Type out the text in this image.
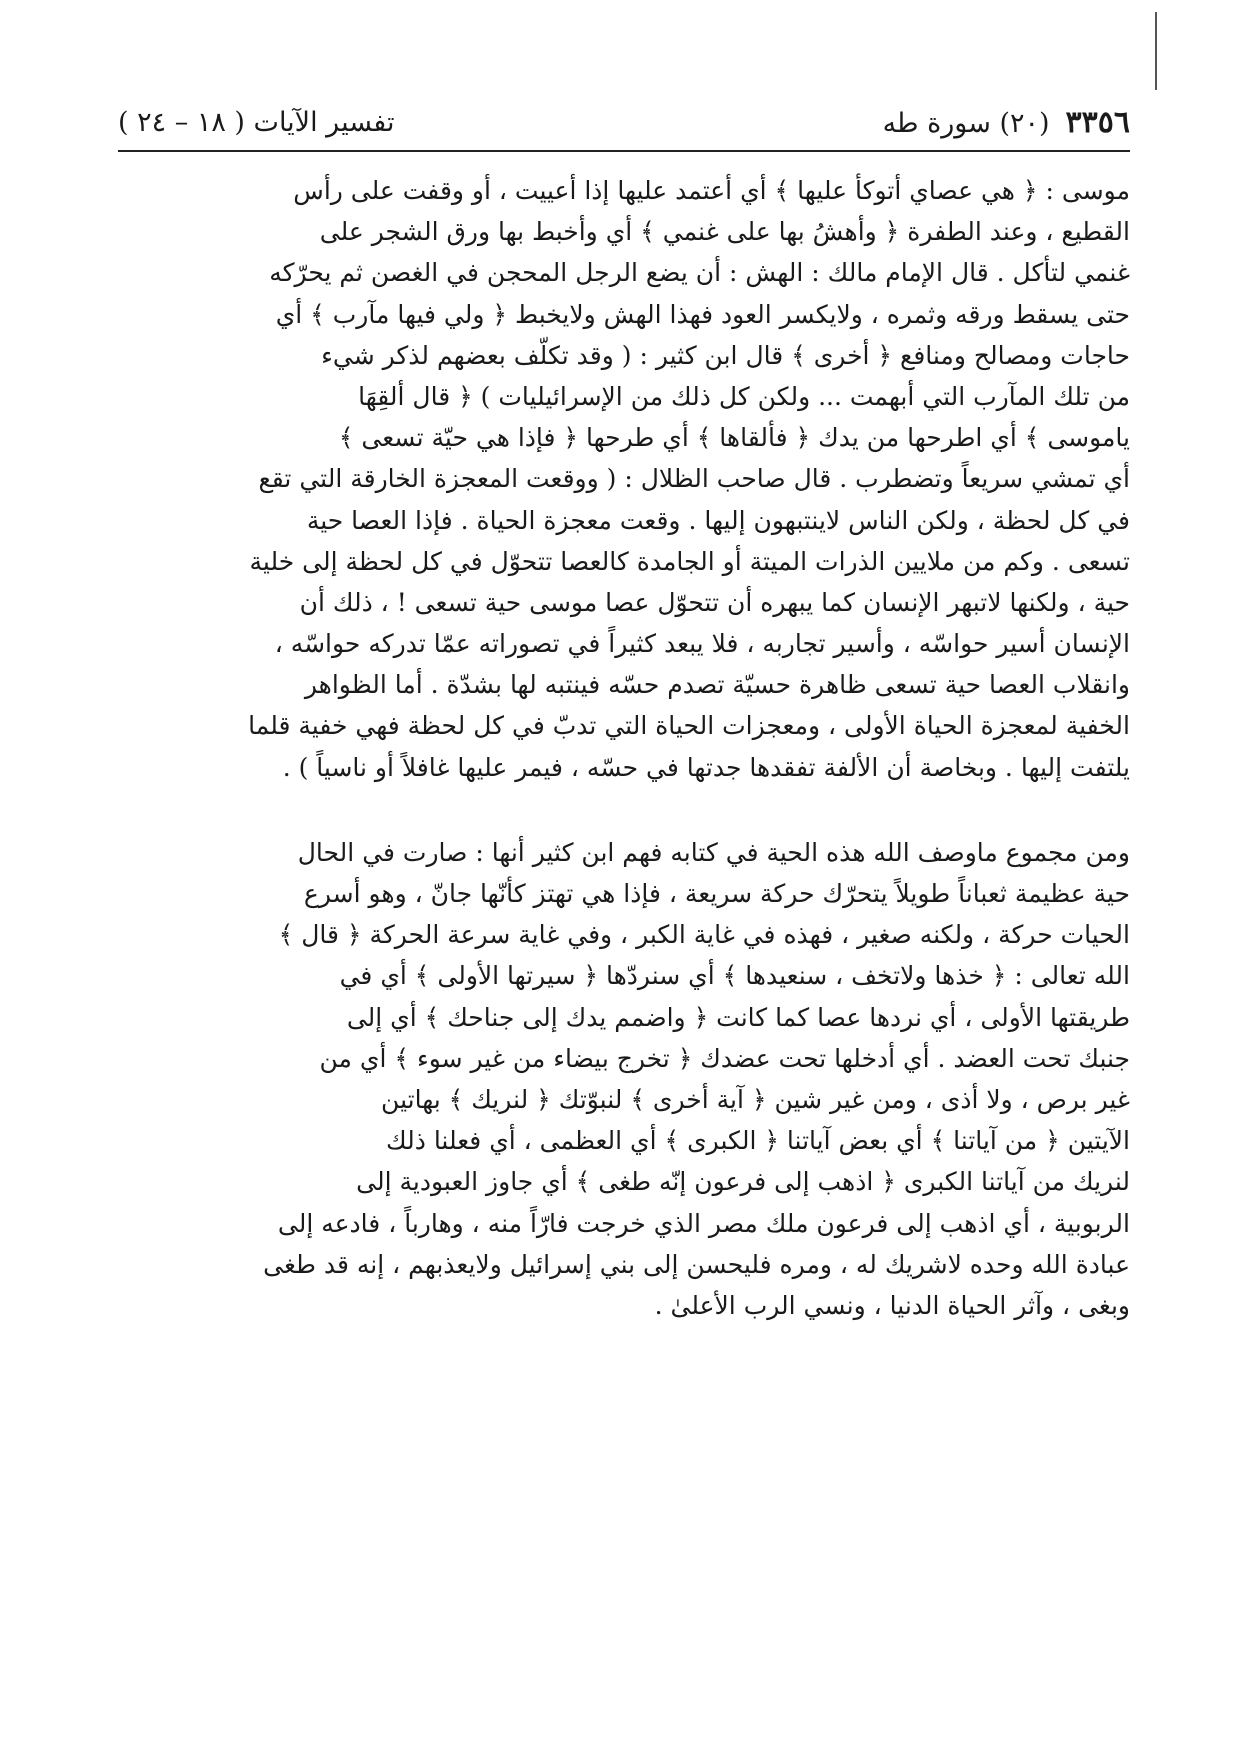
٣٣٥٦(٢٠) سورة طه
تفسير الآيات ( ١٨ – ٢٤ )
موسى : ﴿ هي عصاي أتوكأ عليها ﴾ أي أعتمد عليها إذا أعييت ، أو وقفت على رأس
القطيع ، وعند الطفرة ﴿ وأهشُ بها على غنمي ﴾ أي وأخبط بها ورق الشجر على
غنمي لتأكل . قال الإمام مالك : الهش : أن يضع الرجل المحجن في الغصن ثم يحرّكه
حتى يسقط ورقه وثمره ، ولايكسر العود فهذا الهش ولايخبط ﴿ ولي فيها مآرب ﴾ أي
حاجات ومصالح ومنافع ﴿ أخرى ﴾ قال ابن كثير : ( وقد تكلّف بعضهم لذكر شيء
من تلك المآرب التي أبهمت ... ولكن كل ذلك من الإسرائيليات ) ﴿ قال ألقِهَا
ياموسى ﴾ أي اطرحها من يدك ﴿ فألقاها ﴾ أي طرحها ﴿ فإذا هي حيّة تسعى ﴾
أي تمشي سريعاً وتضطرب . قال صاحب الظلال : ( ووقعت المعجزة الخارقة التي تقع
في كل لحظة ، ولكن الناس لاينتبهون إليها . وقعت معجزة الحياة . فإذا العصا حية
تسعى . وكم من ملايين الذرات الميتة أو الجامدة كالعصا تتحوّل في كل لحظة إلى خلية
حية ، ولكنها لاتبهر الإنسان كما يبهره أن تتحوّل عصا موسى حية تسعى ! ، ذلك أن
الإنسان أسير حواسّه ، وأسير تجاربه ، فلا يبعد كثيراً في تصوراته عمّا تدركه حواسّه ،
وانقلاب العصا حية تسعى ظاهرة حسيّة تصدم حسّه فينتبه لها بشدّة . أما الظواهر
الخفية لمعجزة الحياة الأولى ، ومعجزات الحياة التي تدبّ في كل لحظة فهي خفية قلما
يلتفت إليها . وبخاصة أن الألفة تفقدها جدتها في حسّه ، فيمر عليها غافلاً أو ناسياً ) .
ومن مجموع ماوصف الله هذه الحية في كتابه فهم ابن كثير أنها : صارت في الحال
حية عظيمة ثعباناً طويلاً يتحرّك حركة سريعة ، فإذا هي تهتز كأنّها جانّ ، وهو أسرع
الحيات حركة ، ولكنه صغير ، فهذه في غاية الكبر ، وفي غاية سرعة الحركة ﴿ قال ﴾
الله تعالى : ﴿ خذها ولاتخف ، سنعيدها ﴾ أي سنردّها ﴿ سيرتها الأولى ﴾ أي في
طريقتها الأولى ، أي نردها عصا كما كانت ﴿ واضمم يدك إلى جناحك ﴾ أي إلى
جنبك تحت العضد . أي أدخلها تحت عضدك ﴿ تخرج بيضاء من غير سوء ﴾ أي من
غير برص ، ولا أذى ، ومن غير شين ﴿ آية أخرى ﴾ لنبوّتك ﴿ لنريك ﴾ بهاتين
الآيتين ﴿ من آياتنا ﴾ أي بعض آياتنا ﴿ الكبرى ﴾ أي العظمى ، أي فعلنا ذلك
لنريك من آياتنا الكبرى ﴿ اذهب إلى فرعون إنّه طغى ﴾ أي جاوز العبودية إلى
الربوبية ، أي اذهب إلى فرعون ملك مصر الذي خرجت فارّاً منه ، وهارباً ، فادعه إلى
عبادة الله وحده لاشريك له ، ومره فليحسن إلى بني إسرائيل ولايعذبهم ، إنه قد طغى
وبغى ، وآثر الحياة الدنيا ، ونسي الرب الأعلىٰ .
